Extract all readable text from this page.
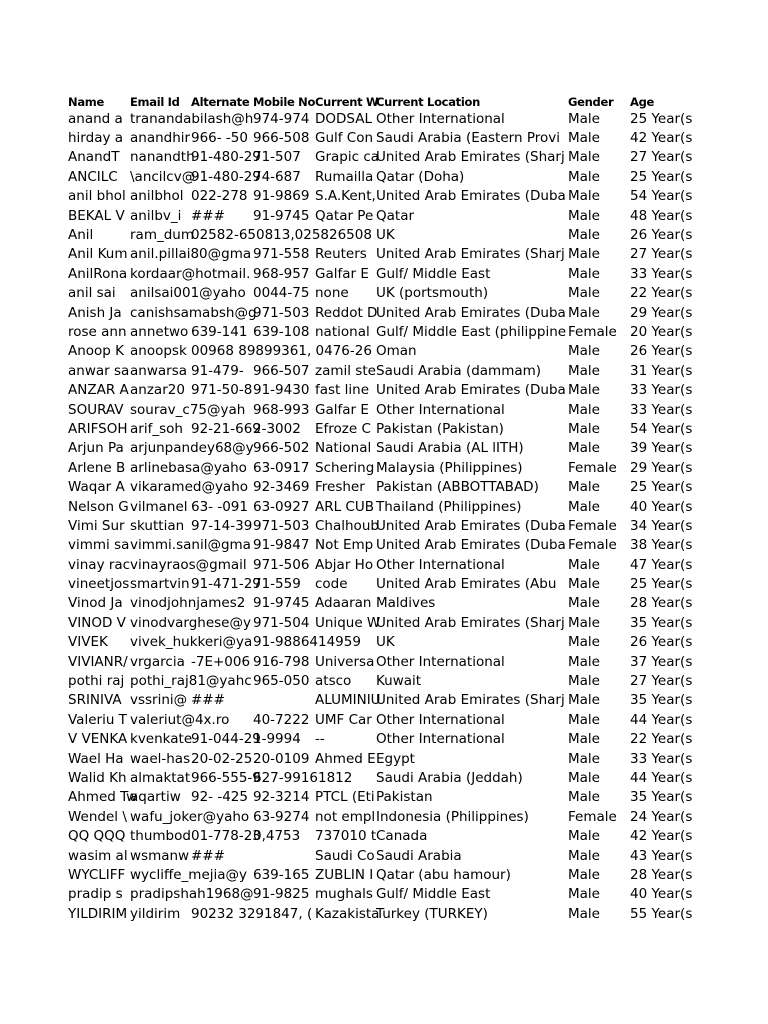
Name	Email Id	Alternate	Mobile No	Current W	Current Location	Gender	Age
anand a	tranandabilash@h		974-974	DODSAL	Other International	Male	25 Year(s
hirday a	anandhir	966- -50	966-508	Gulf Con	Saudi Arabia (Eastern Provi	Male	42 Year(s
AnandT	nanandth	91-480-29	71-507	Grapic ca	United Arab Emirates (Sharj	Male	27 Year(s
ANCILC	\ancilcv@	91-480-29	74-687	Rumailla	Qatar (Doha)	Male	25 Year(s
anil bhol	anilbhol	022-278	91-9869	S.A.Kent,	United Arab Emirates (Duba	Male	54 Year(s
BEKAL V	anilbv_i	###	91-9745	Qatar Pe	Qatar	Male	48 Year(s
Anil	ram_dum	02582-650813,025826508			UK	Male	26 Year(s
Anil Kum	anil.pillai80@gma		971-558	Reuters	United Arab Emirates (Sharj	Male	27 Year(s
AnilRona	kordaar@hotmail.		968-957	Galfar E	Gulf/ Middle East	Male	33 Year(s
anil sai	anilsai001@yaho		0044-75	none	UK (portsmouth)	Male	22 Year(s
Anish Ja	canishsamabsh@g		971-503	Reddot D	United Arab Emirates (Duba	Male	29 Year(s
rose ann	annetwo	639-141	639-108	national	Gulf/ Middle East (philippine	Female	20 Year(s
Anoop K	anoopsk	00968 89899361, 0476-26			Oman	Male	26 Year(s
anwar sa	anwarsa	91-479-	966-507	zamil ste	Saudi Arabia (dammam)	Male	31 Year(s
ANZAR A	anzar20	971-50-8	91-9430	fast line	United Arab Emirates (Duba	Male	33 Year(s
SOURAV	sourav_c75@yah		968-993	Galfar E	Other International	Male	33 Year(s
ARIFSOH	arif_soh	92-21-669	2-3002	Efroze C	Pakistan (Pakistan)	Male	54 Year(s
Arjun Pa	arjunpandey68@y		966-502	National	Saudi Arabia (AL lITH)	Male	39 Year(s
Arlene B	arlinebasa@yaho		63-0917	Schering	Malaysia (Philippines)	Female	29 Year(s
Waqar A	vikaramed@yaho		92-3469	Fresher	Pakistan (ABBOTTABAD)	Male	25 Year(s
Nelson G	vilmanel	63- -091	63-0927	ARL CUB	Thailand (Philippines)	Male	40 Year(s
Vimi Sur	skuttian	97-14-39	971-503	Chalhoub	United Arab Emirates (Duba	Female	34 Year(s
vimmi sa	vimmi.sanil@gma		91-9847	Not Emp	United Arab Emirates (Duba	Female	38 Year(s
vinay rac	vinayraos@gmail		971-506	Abjar Ho	Other International	Male	47 Year(s
vineetjos	smartvin	91-471-29	71-559	code	United Arab Emirates (Abu	Male	25 Year(s
Vinod Ja	vinodjohnjames2		91-9745	Adaaran	Maldives	Male	28 Year(s
VINOD V	vinodvarghese@y		971-504	Unique W	United Arab Emirates (Sharj	Male	35 Year(s
VIVEK	vivek_hukkeri@ya		91-9886414959		UK	Male	26 Year(s
VIVIANR/	vrgarcia	-7E+006	916-798	Universa	Other International	Male	37 Year(s
pothi raj	pothi_raj81@yahc		965-050	atsco	Kuwait	Male	27 Year(s
SRINIVA	vssrini@	###		ALUMINIU	United Arab Emirates (Sharj	Male	35 Year(s
Valeriu T	valeriut@4x.ro		40-7222	UMF Car	Other International	Male	44 Year(s
V VENKA	kvenkate	91-044-29	1-9994	--	Other International	Male	22 Year(s
Wael Ha	wael-has	20-02-25	20-0109	Ahmed E	Egypt	Male	33 Year(s
Walid Kh	almaktat	966-555-9	627-99161812		Saudi Arabia (Jeddah)	Male	44 Year(s
Ahmed Tw	aqartiw	92- -425	92-3214	PTCL (Eti	Pakistan	Male	35 Year(s
Wendel \	wafu_joker@yaho		63-9274	not empl	Indonesia (Philippines)	Female	24 Year(s
QQ QQQ	thumbod	01-778-23	0,4753	737010 t	Canada	Male	42 Year(s
wasim al	wsmanw	###		Saudi Co	Saudi Arabia	Male	43 Year(s
WYCLIFF	wycliffe_mejia@y		639-165	ZUBLIN I	Qatar (abu hamour)	Male	28 Year(s
pradip s	pradipshah1968@		91-9825	mughals	Gulf/ Middle East	Male	40 Year(s
YILDIRIM	yildirim	90232 3291847, (		Kazakista	Turkey (TURKEY)	Male	55 Year(s
